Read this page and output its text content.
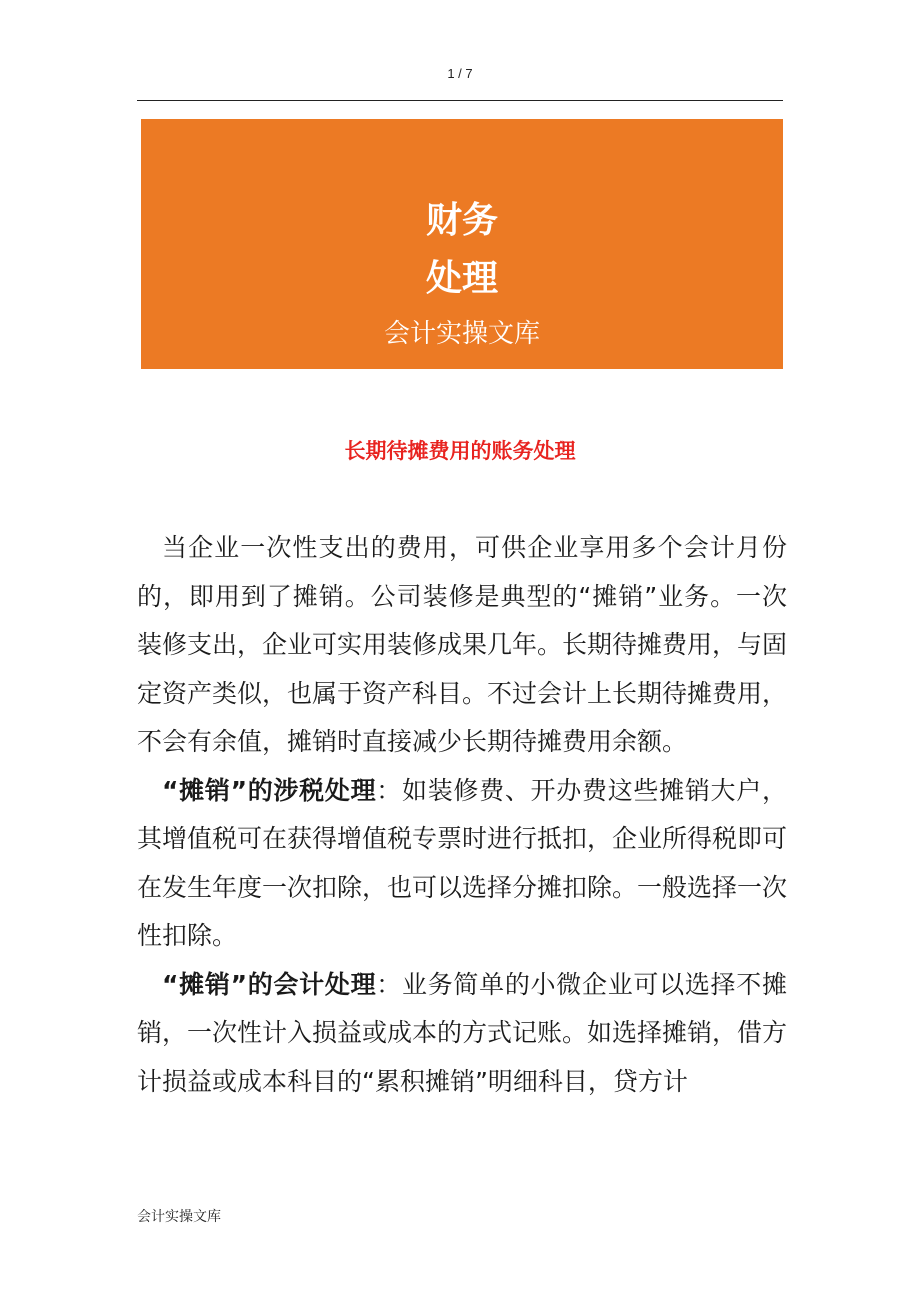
1 / 7
财务
处理
会计实操文库
长期待摊费用的账务处理

当企业一次性支出的费用，可供企业享用多个会计月份的，即用到了摊销。公司装修是典型的“摊销”业务。一次装修支出，企业可实用装修成果几年。长期待摊费用，与固定资产类似，也属于资产科目。不过会计上长期待摊费用，不会有余值，摊销时直接减少长期待摊费用余额。

“摊销”的涉税处理：如装修费、开办费这些摊销大户，其增值税可在获得增值税专票时进行抵扣，企业所得税即可在发生年度一次扣除，也可以选择分摊扣除。一般选择一次性扣除。

“摊销”的会计处理：业务简单的小微企业可以选择不摊销，一次性计入损益或成本的方式记账。如选择摊销，借方计损益或成本科目的“累积摊销”明细科目，贷方计

会计实操文库
